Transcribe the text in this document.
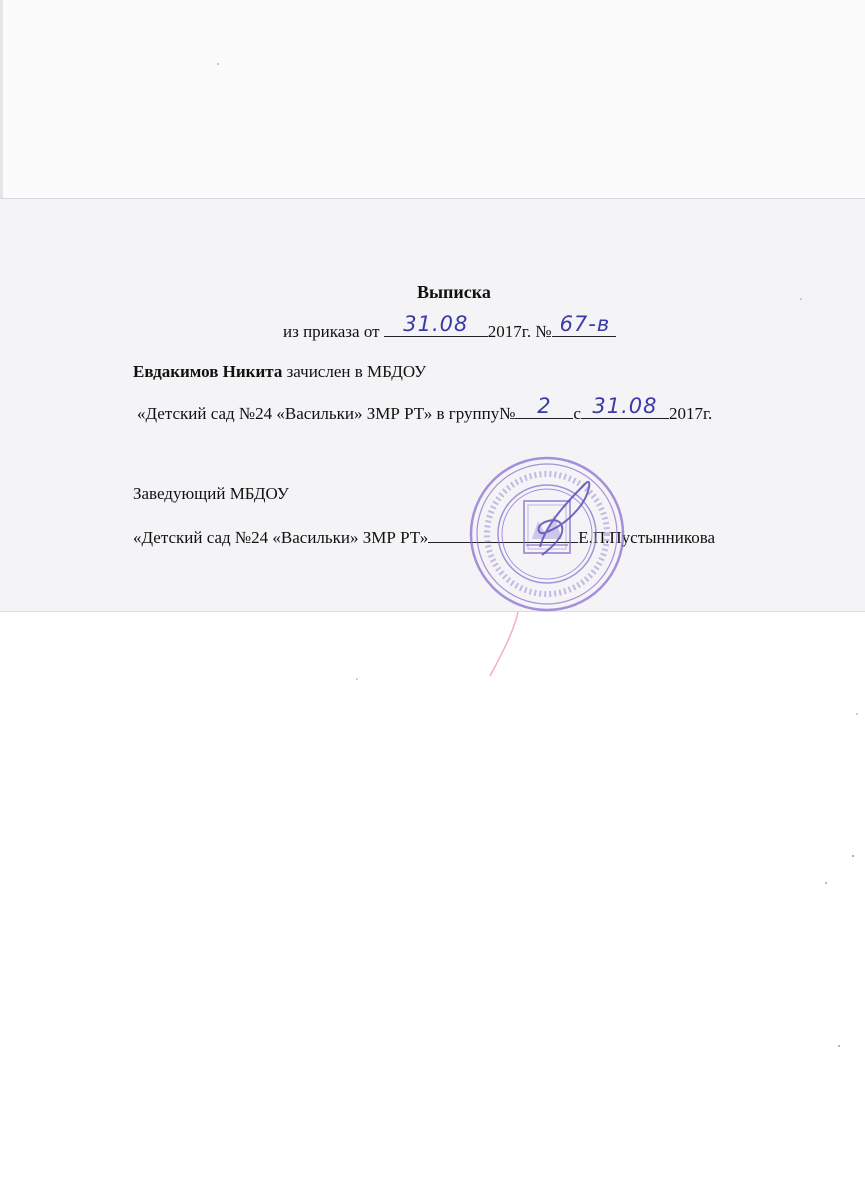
Выписка
из приказа от	31.08	2017г. № 67-в
Евдакимов Никита зачислен в МБДОУ
«Детский сад №24 «Васильки» ЗМР РТ» в группу№	2	с 31.08 2017г.
Заведующий МБДОУ
«Детский сад №24 «Васильки» ЗМР РТ»	Е.П.Пустынникова
